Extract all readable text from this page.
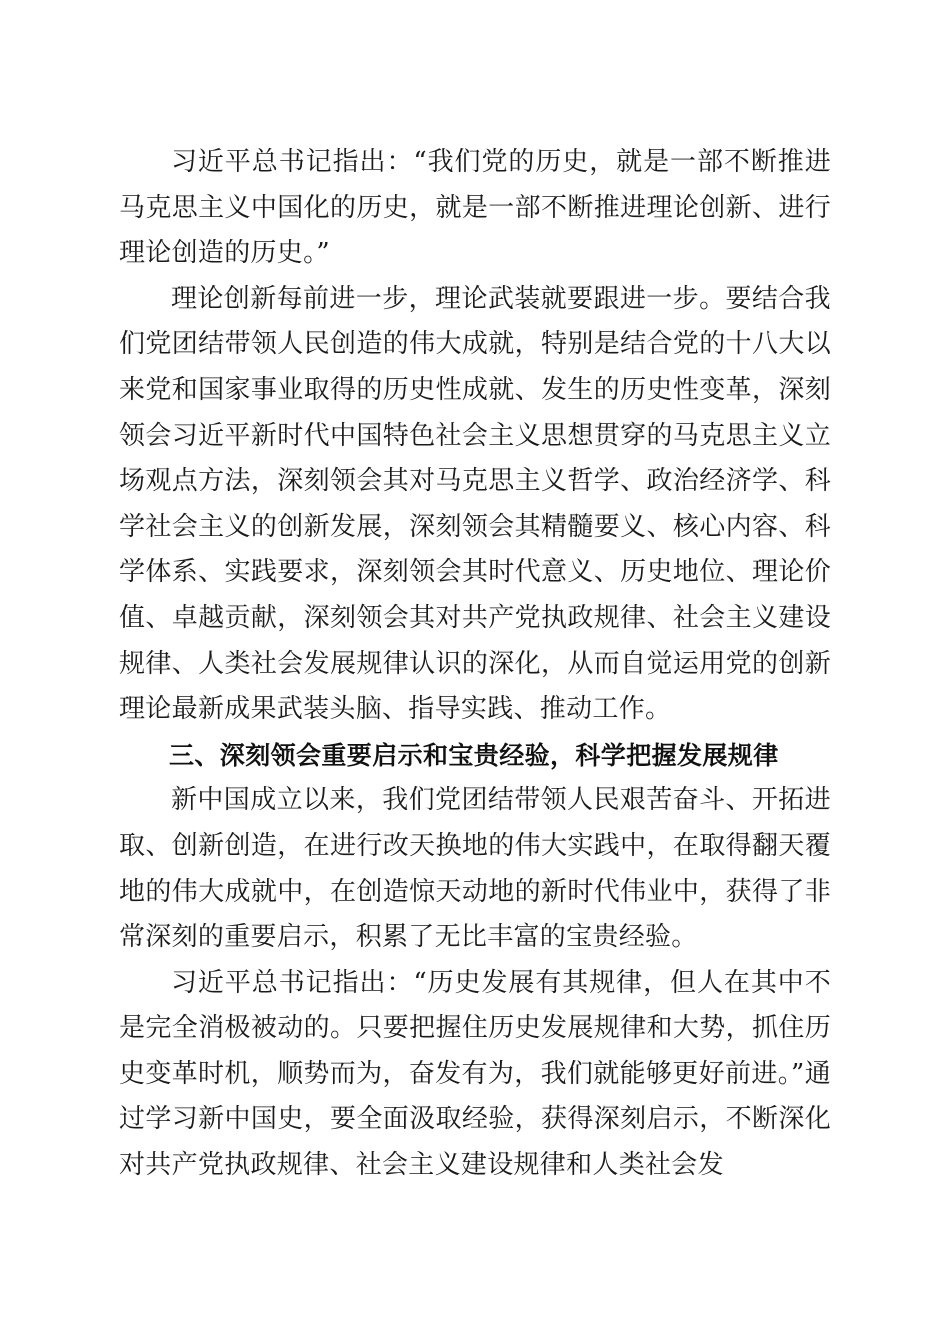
习近平总书记指出：“我们党的历史，就是一部不断推进马克思主义中国化的历史，就是一部不断推进理论创新、进行理论创造的历史。”

理论创新每前进一步，理论武装就要跟进一步。要结合我们党团结带领人民创造的伟大成就，特别是结合党的十八大以来党和国家事业取得的历史性成就、发生的历史性变革，深刻领会习近平新时代中国特色社会主义思想贯穿的马克思主义立场观点方法，深刻领会其对马克思主义哲学、政治经济学、科学社会主义的创新发展，深刻领会其精髓要义、核心内容、科学体系、实践要求，深刻领会其时代意义、历史地位、理论价值、卓越贡献，深刻领会其对共产党执政规律、社会主义建设规律、人类社会发展规律认识的深化，从而自觉运用党的创新理论最新成果武装头脑、指导实践、推动工作。

三、深刻领会重要启示和宝贵经验，科学把握发展规律

新中国成立以来，我们党团结带领人民艰苦奋斗、开拓进取、创新创造，在进行改天换地的伟大实践中，在取得翻天覆地的伟大成就中，在创造惊天动地的新时代伟业中，获得了非常深刻的重要启示，积累了无比丰富的宝贵经验。

习近平总书记指出：“历史发展有其规律，但人在其中不是完全消极被动的。只要把握住历史发展规律和大势，抓住历史变革时机，顺势而为，奋发有为，我们就能够更好前进。”通过学习新中国史，要全面汲取经验，获得深刻启示，不断深化对共产党执政规律、社会主义建设规律和人类社会发
